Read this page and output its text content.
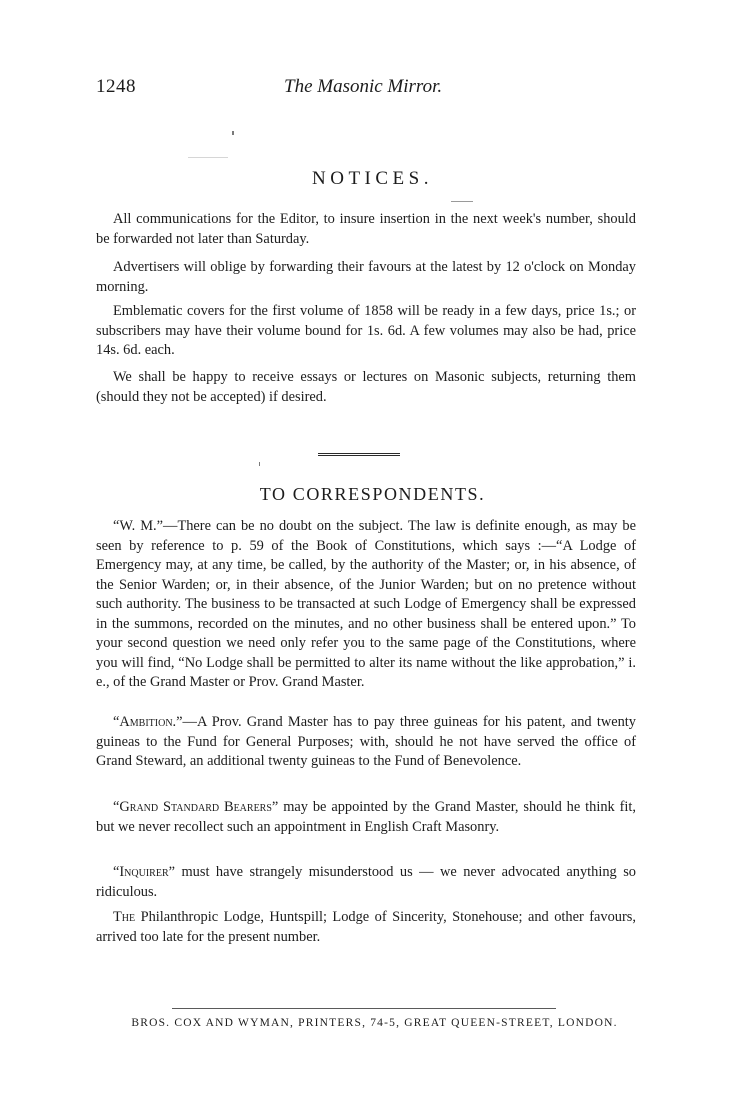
1248	The Masonic Mirror.
NOTICES.

All communications for the Editor, to insure insertion in the next week's number, should be forwarded not later than Saturday.

Advertisers will oblige by forwarding their favours at the latest by 12 o'clock on Monday morning.

Emblematic covers for the first volume of 1858 will be ready in a few days, price 1s.; or subscribers may have their volume bound for 1s. 6d. A few volumes may also be had, price 14s. 6d. each.

We shall be happy to receive essays or lectures on Masonic subjects, returning them (should they not be accepted) if desired.

TO CORRESPONDENTS.

“W. M.”—There can be no doubt on the subject. The law is definite enough, as may be seen by reference to p. 59 of the Book of Constitutions, which says :—“A Lodge of Emergency may, at any time, be called, by the authority of the Master; or, in his absence, of the Senior Warden; or, in their absence, of the Junior Warden; but on no pretence without such authority. The business to be transacted at such Lodge of Emergency shall be expressed in the summons, recorded on the minutes, and no other business shall be entered upon.” To your second question we need only refer you to the same page of the Constitutions, where you will find, “No Lodge shall be permitted to alter its name without the like approbation,” i. e., of the Grand Master or Prov. Grand Master.

“Ambition.”—A Prov. Grand Master has to pay three guineas for his patent, and twenty guineas to the Fund for General Purposes; with, should he not have served the office of Grand Steward, an additional twenty guineas to the Fund of Benevolence.

“Grand Standard Bearers” may be appointed by the Grand Master, should he think fit, but we never recollect such an appointment in English Craft Masonry.

“Inquirer” must have strangely misunderstood us — we never advocated anything so ridiculous.

The Philanthropic Lodge, Huntspill; Lodge of Sincerity, Stonehouse; and other favours, arrived too late for the present number.

BROS. COX AND WYMAN, PRINTERS, 74-5, GREAT QUEEN-STREET, LONDON.
